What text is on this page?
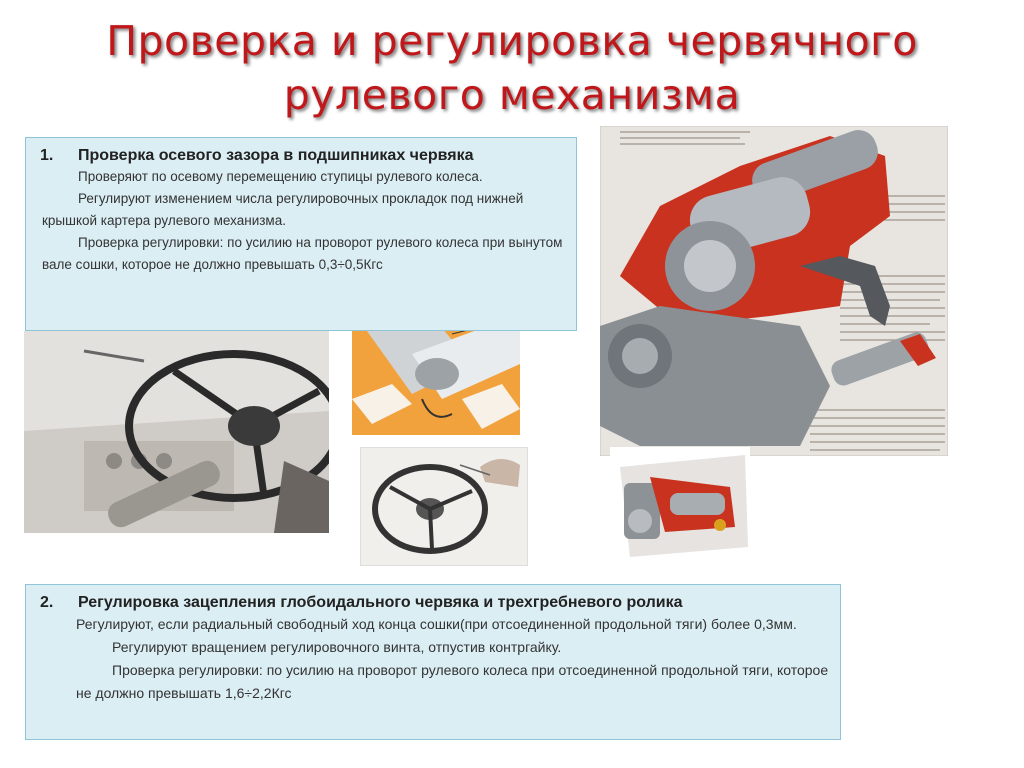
Проверка и регулировка червячного
рулевого механизма
1.	Проверка осевого зазора в подшипниках червяка
Проверяют по осевому перемещению ступицы рулевого колеса.
Регулируют изменением числа регулировочных прокладок под нижней крышкой картера рулевого механизма.
Проверка регулировки: по усилию на проворот рулевого колеса при вынутом вале сошки, которое не должно превышать 0,3÷0,5Кгс
2.	Регулировка зацепления глобоидального червяка и трехгребневого ролика
Регулируют, если радиальный свободный ход конца сошки(при отсоединенной продольной тяги) более 0,3мм.
Регулируют вращением регулировочного винта, отпустив контргайку.
Проверка регулировки: по усилию на проворот рулевого колеса при отсоединенной продольной тяги, которое не должно превышать 1,6÷2,2Кгс
